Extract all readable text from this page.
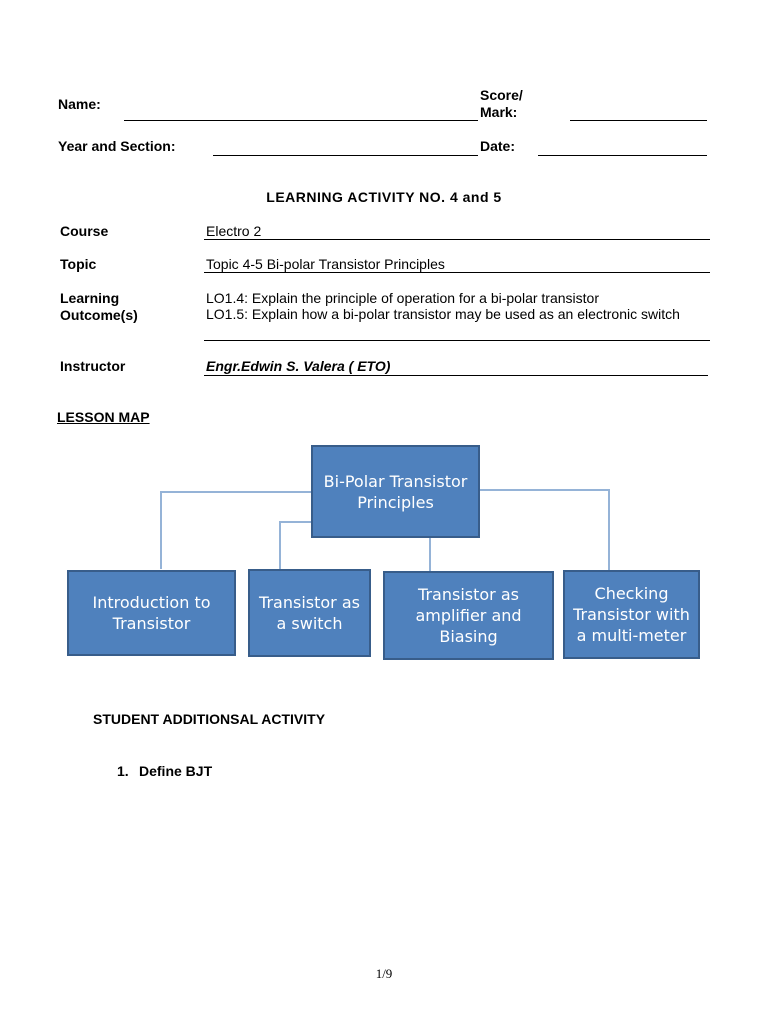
Name:
Score/
Mark:
Year and Section:	Date:
LEARNING ACTIVITY NO. 4 and 5
Course	Electro 2
Topic	Topic 4-5 Bi-polar Transistor Principles
Learning
Outcome(s)
LO1.4: Explain the principle of operation for a bi-polar transistor
LO1.5: Explain how a bi-polar transistor may be used as an electronic switch
Instructor	Engr.Edwin S. Valera ( ETO)
LESSON MAP
Bi-Polar Transistor Principles
Introduction to Transistor
Transistor as a switch
Transistor as amplifier and Biasing
Checking Transistor with a multi-meter
STUDENT ADDITIONSAL ACTIVITY
1. Define BJT
1/9
